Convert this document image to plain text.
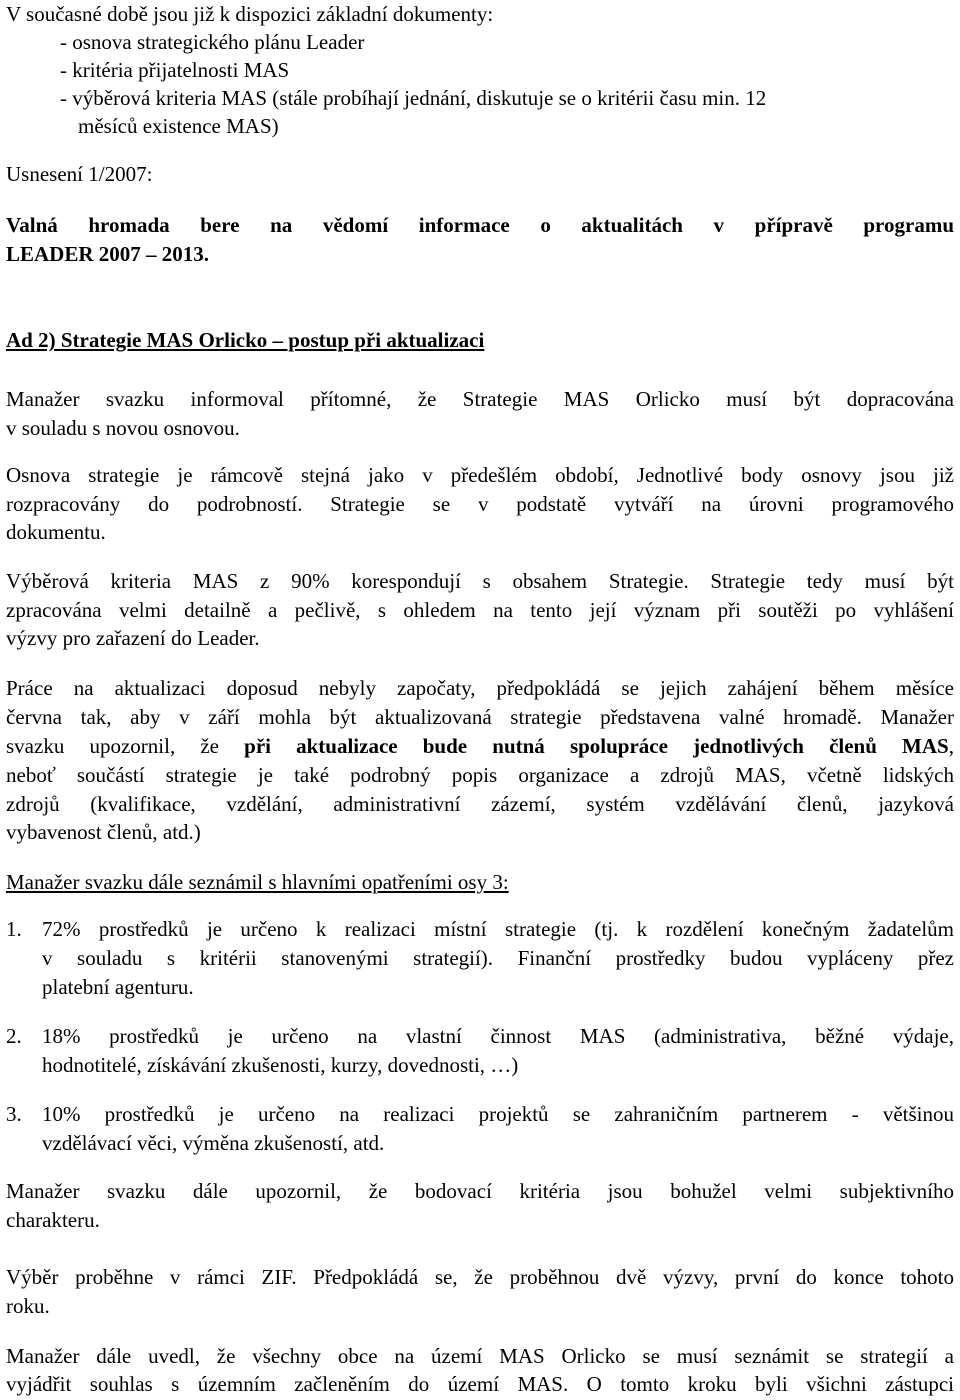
V současné době jsou již k dispozici základní dokumenty:
- osnova strategického plánu Leader
- kritéria přijatelnosti MAS
- výběrová kriteria MAS (stále probíhají jednání, diskutuje se o kritérii času min. 12
měsíců existence MAS)
Usnesení 1/2007:
Valná hromada bere na vědomí informace o aktualitách v přípravě programu
LEADER 2007 – 2013.
Ad 2) Strategie MAS Orlicko – postup při aktualizaci
Manažer svazku informoval přítomné, že Strategie MAS Orlicko musí být dopracována
v souladu s novou osnovou.
Osnova strategie je rámcově stejná jako v předešlém období, Jednotlivé body osnovy jsou již
rozpracovány do podrobností. Strategie se v podstatě vytváří na úrovni programového
dokumentu.
Výběrová kriteria MAS z 90% korespondují s obsahem Strategie. Strategie tedy musí být
zpracována velmi detailně a pečlivě, s ohledem na tento její význam při soutěži po vyhlášení
výzvy pro zařazení do Leader.
Práce na aktualizaci doposud nebyly započaty, předpokládá se jejich zahájení během měsíce
června tak, aby v září mohla být aktualizovaná strategie představena valné hromadě. Manažer
svazku upozornil, že při aktualizace bude nutná spolupráce jednotlivých členů MAS,
neboť součástí strategie je také podrobný popis organizace a zdrojů MAS, včetně lidských
zdrojů (kvalifikace, vzdělání, administrativní zázemí, systém vzdělávání členů, jazyková
vybavenost členů, atd.)
Manažer svazku dále seznámil s hlavními opatřeními osy 3:
1. 72% prostředků je určeno k realizaci místní strategie (tj. k rozdělení konečným žadatelům
v souladu s kritérii stanovenými strategií). Finanční prostředky budou vypláceny přez
platební agenturu.
2. 18% prostředků je určeno na vlastní činnost MAS (administrativa, běžné výdaje,
hodnotitelé, získávání zkušenosti, kurzy, dovednosti, …)
3. 10% prostředků je určeno na realizaci projektů se zahraničním partnerem - většinou
vzdělávací věci, výměna zkušeností, atd.
Manažer svazku dále upozornil, že bodovací kritéria jsou bohužel velmi subjektivního
charakteru.
Výběr proběhne v rámci ZIF. Předpokládá se, že proběhnou dvě výzvy, první do konce tohoto
roku.
Manažer dále uvedl, že všechny obce na území MAS Orlicko se musí seznámit se strategií a
vyjádřit souhlas s územním začleněním do území MAS. O tomto kroku byli všichni zástupci
